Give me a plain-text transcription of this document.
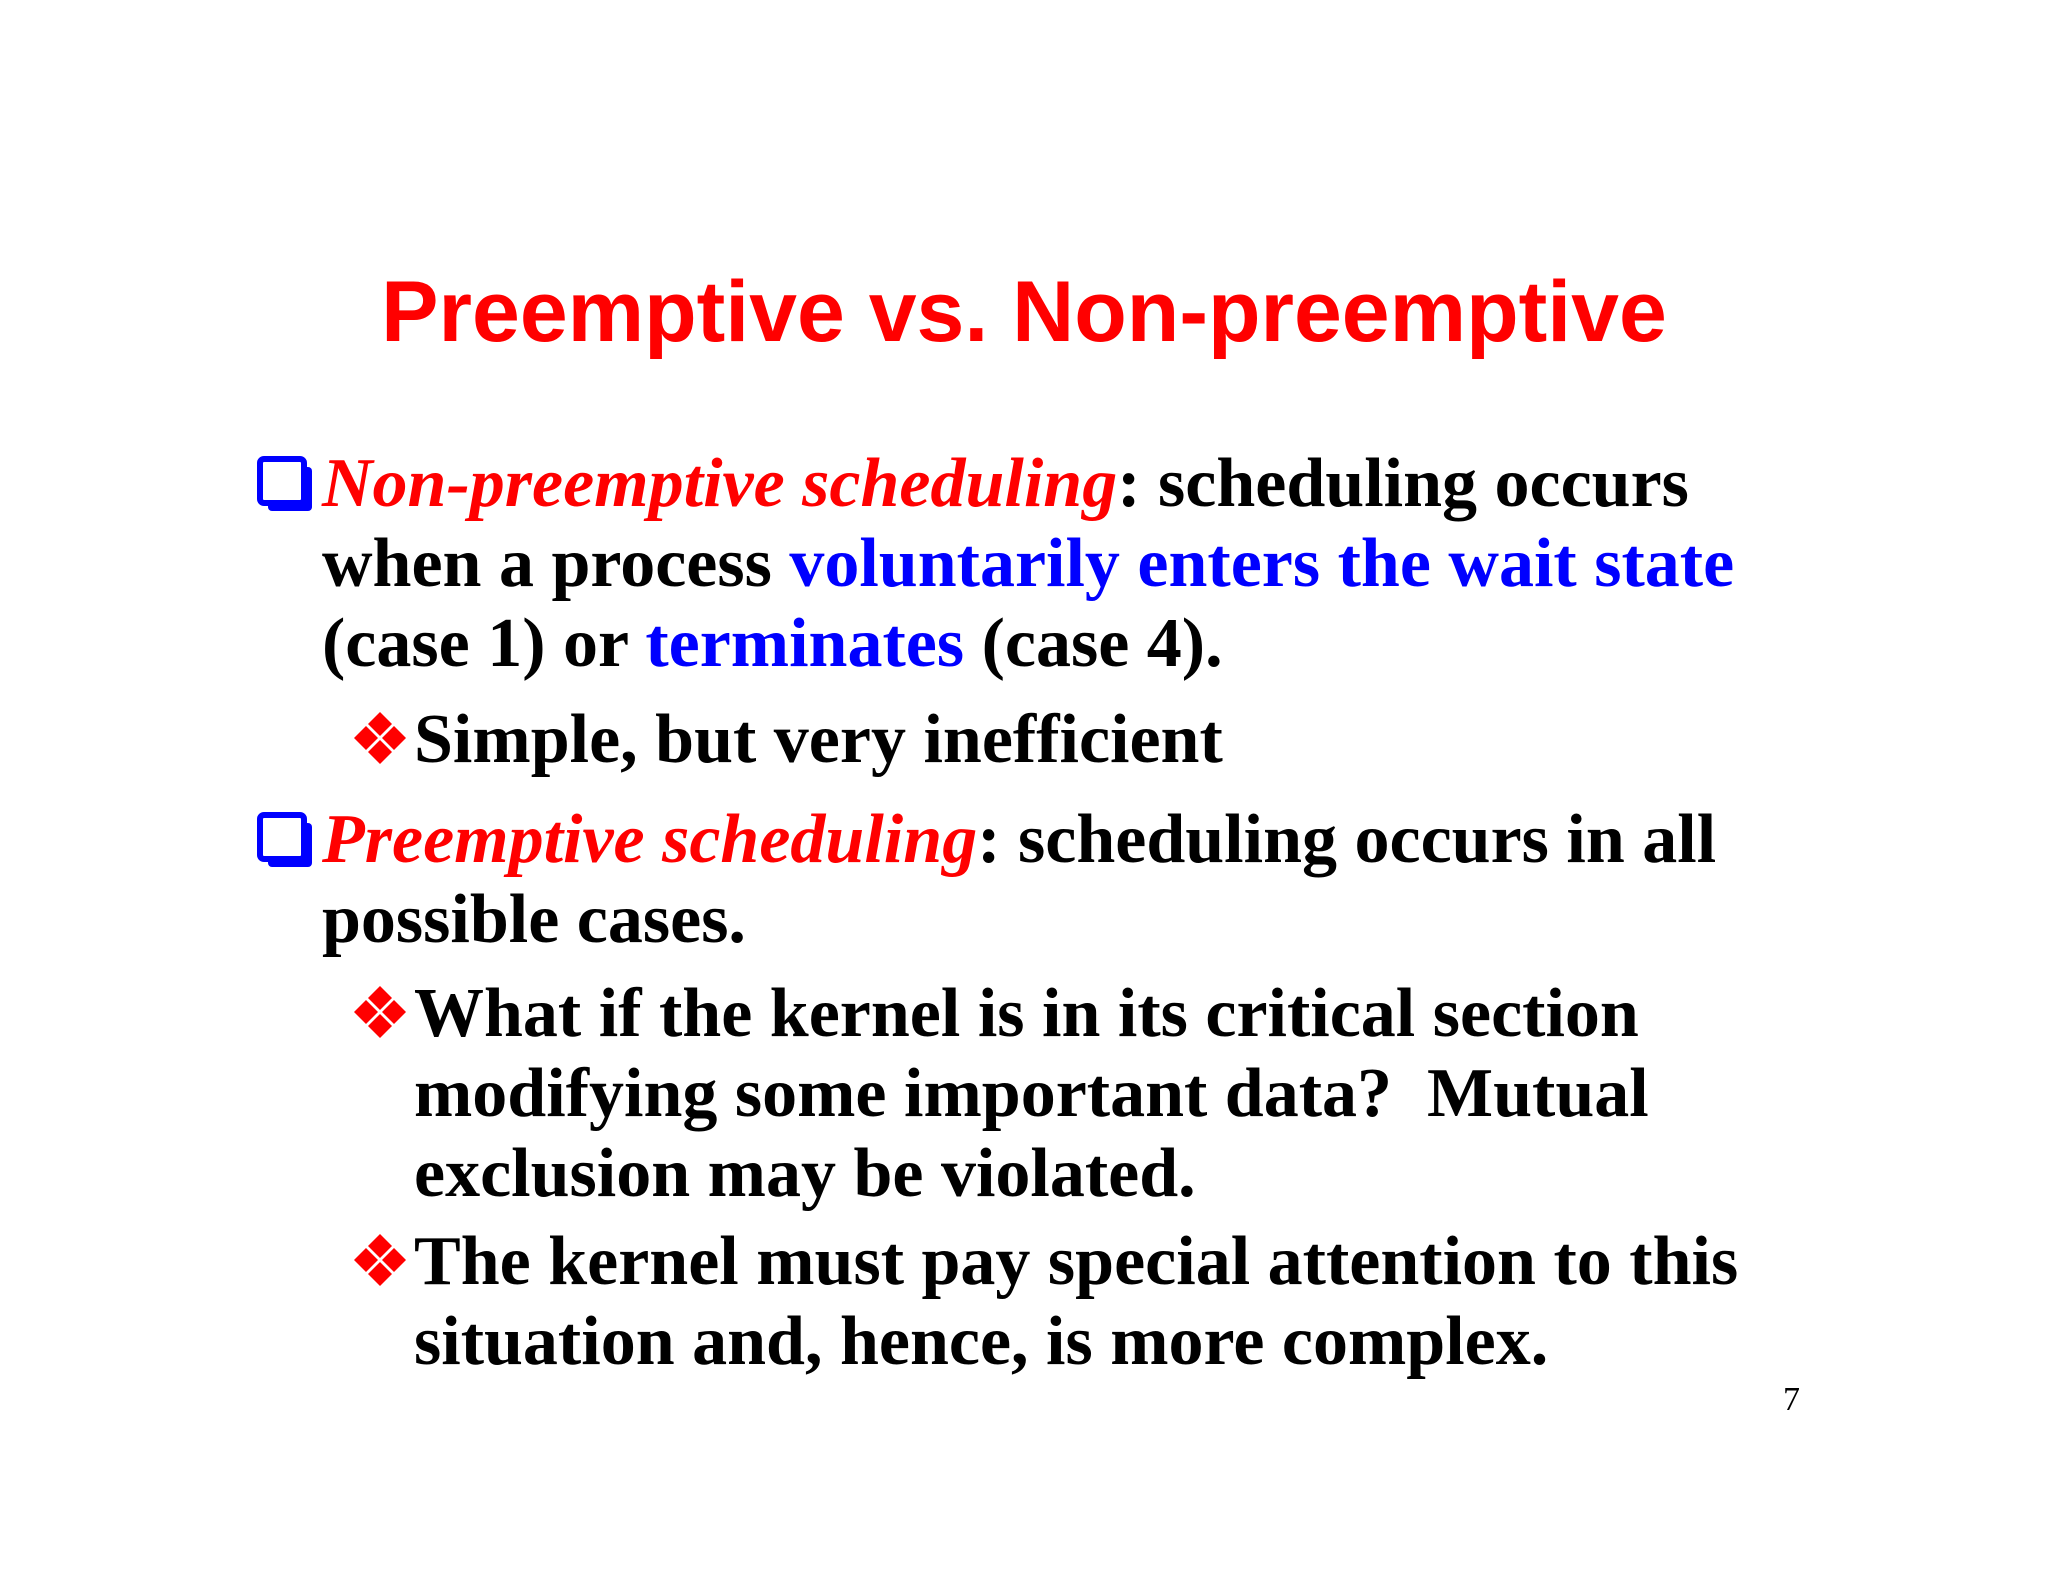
Preemptive vs. Non-preemptive
Non-preemptive scheduling: scheduling occurs
when a process voluntarily enters the wait state
(case 1) or terminates (case 4).
Simple, but very inefficient
Preemptive scheduling: scheduling occurs in all
possible cases.
What if the kernel is in its critical section
modifying some important data?  Mutual
exclusion may be violated.
The kernel must pay special attention to this
situation and, hence, is more complex.
7
